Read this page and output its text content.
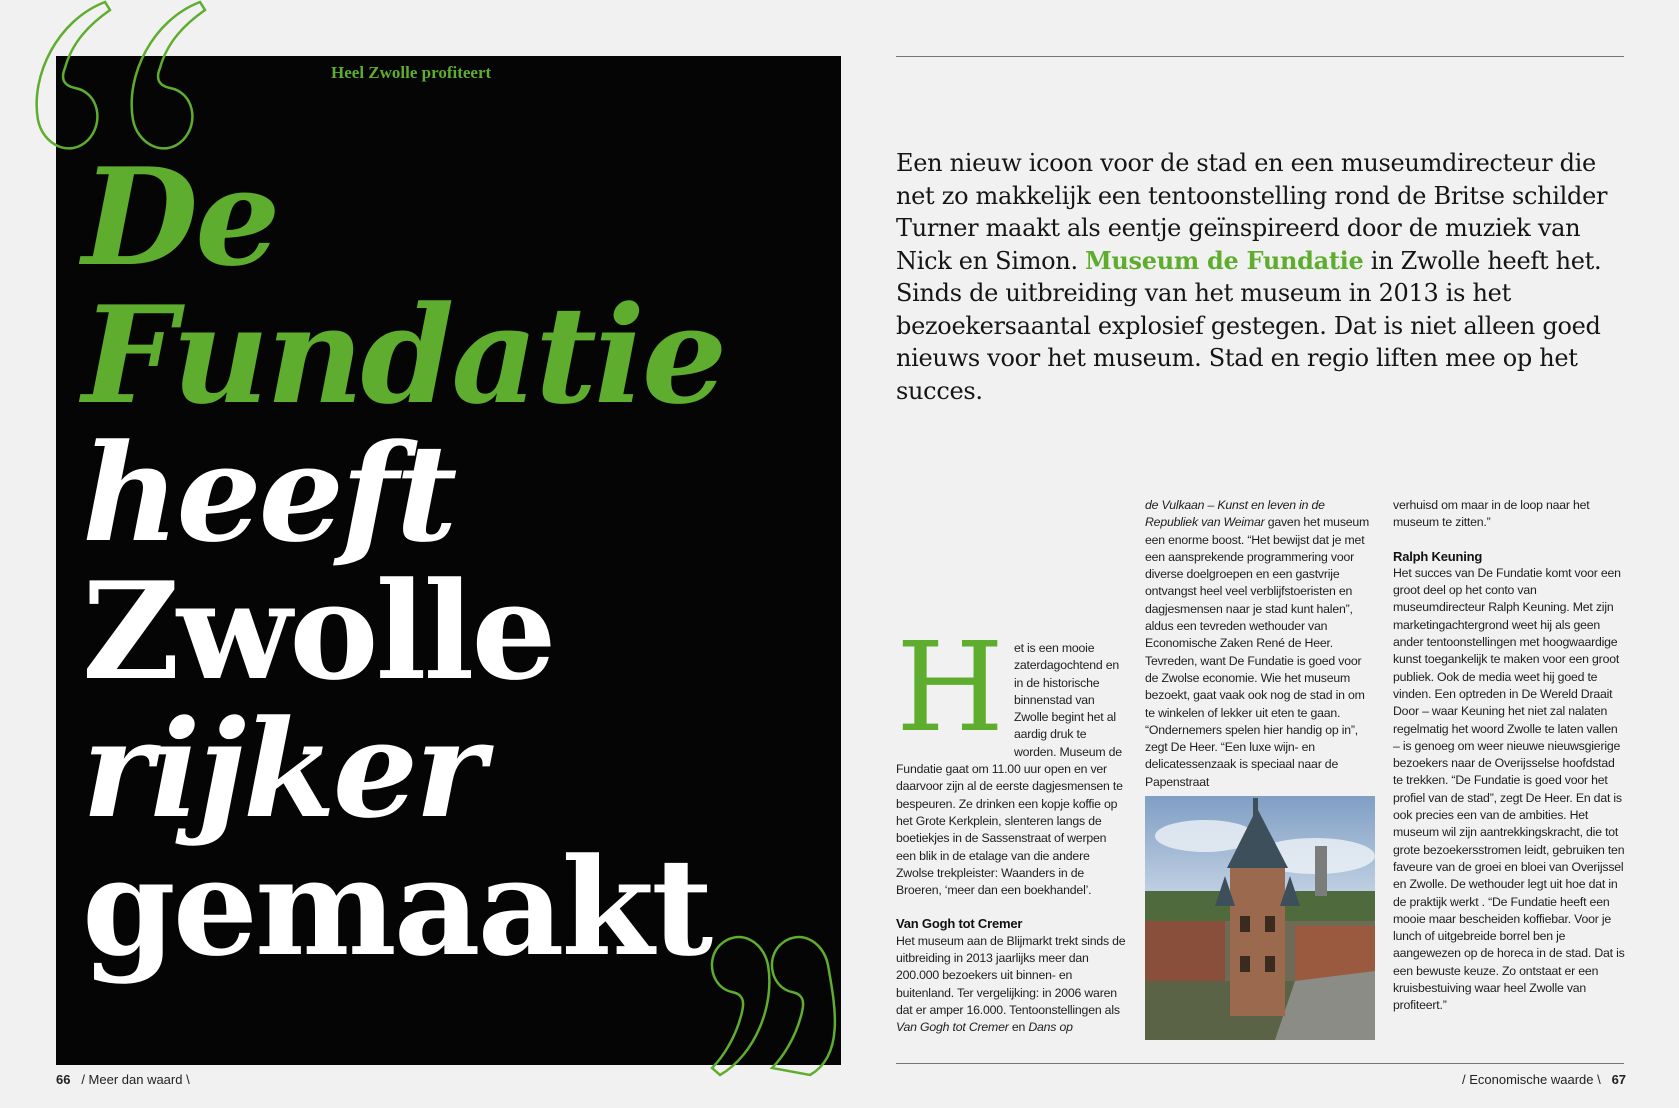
Heel Zwolle profiteert
De
Fundatie
heeft
Zwolle
rijker
gemaakt
66 / Meer dan waard \

Een nieuw icoon voor de stad en een museumdirecteur die net zo makkelijk een tentoonstelling rond de Britse schilder Turner maakt als eentje geïnspireerd door de muziek van Nick en Simon. Museum de Fundatie in Zwolle heeft het. Sinds de uitbreiding van het museum in 2013 is het bezoekersaantal explosief gestegen. Dat is niet alleen goed nieuws voor het museum. Stad en regio liften mee op het succes.

H et is een mooie zaterdagochtend en in de historische binnenstad van Zwolle begint het al aardig druk te worden. Museum de Fundatie gaat om 11.00 uur open en ver daarvoor zijn al de eerste dagjesmensen te bespeuren. Ze drinken een kopje koffie op het Grote Kerkplein, slenteren langs de boetiekjes in de Sassenstraat of werpen een blik in de etalage van die andere Zwolse trekpleister: Waanders in de Broeren, ‘meer dan een boekhandel’.

Van Gogh tot Cremer

Het museum aan de Blijmarkt trekt sinds de uitbreiding in 2013 jaarlijks meer dan 200.000 bezoekers uit binnen- en buitenland. Ter vergelijking: in 2006 waren dat er amper 16.000. Tentoonstellingen als Van Gogh tot Cremer en Dans op

de Vulkaan – Kunst en leven in de Republiek van Weimar gaven het museum een enorme boost. “Het bewijst dat je met een aansprekende programmering voor diverse doelgroepen en een gastvrije ontvangst heel veel verblijfstoeristen en dagjesmensen naar je stad kunt halen”, aldus een tevreden wethouder van Economische Zaken René de Heer. Tevreden, want De Fundatie is goed voor de Zwolse economie. Wie het museum bezoekt, gaat vaak ook nog de stad in om te winkelen of lekker uit eten te gaan. “Ondernemers spelen hier handig op in”, zegt De Heer. “Een luxe wijn- en delicatessenzaak is speciaal naar de Papenstraat

verhuisd om maar in de loop naar het museum te zitten.”

Ralph Keuning

Het succes van De Fundatie komt voor een groot deel op het conto van museumdirecteur Ralph Keuning. Met zijn marketingachtergrond weet hij als geen ander tentoonstellingen met hoogwaardige kunst toegankelijk te maken voor een groot publiek. Ook de media weet hij goed te vinden. Een optreden in De Wereld Draait Door – waar Keuning het niet zal nalaten regelmatig het woord Zwolle te laten vallen – is genoeg om weer nieuwe nieuwsgierige bezoekers naar de Overijsselse hoofdstad te trekken. “De Fundatie is goed voor het profiel van de stad”, zegt De Heer. En dat is ook precies een van de ambities. Het museum wil zijn aantrekkingskracht, die tot grote bezoekersstromen leidt, gebruiken ten faveure van de groei en bloei van Overijssel en Zwolle. De wethouder legt uit hoe dat in de praktijk werkt . “De Fundatie heeft een mooie maar bescheiden koffiebar. Voor je lunch of uitgebreide borrel ben je aangewezen op de horeca in de stad. Dat is een bewuste keuze. Zo ontstaat er een kruisbestuiving waar heel Zwolle van profiteert.”

/ Economische waarde \ 67
